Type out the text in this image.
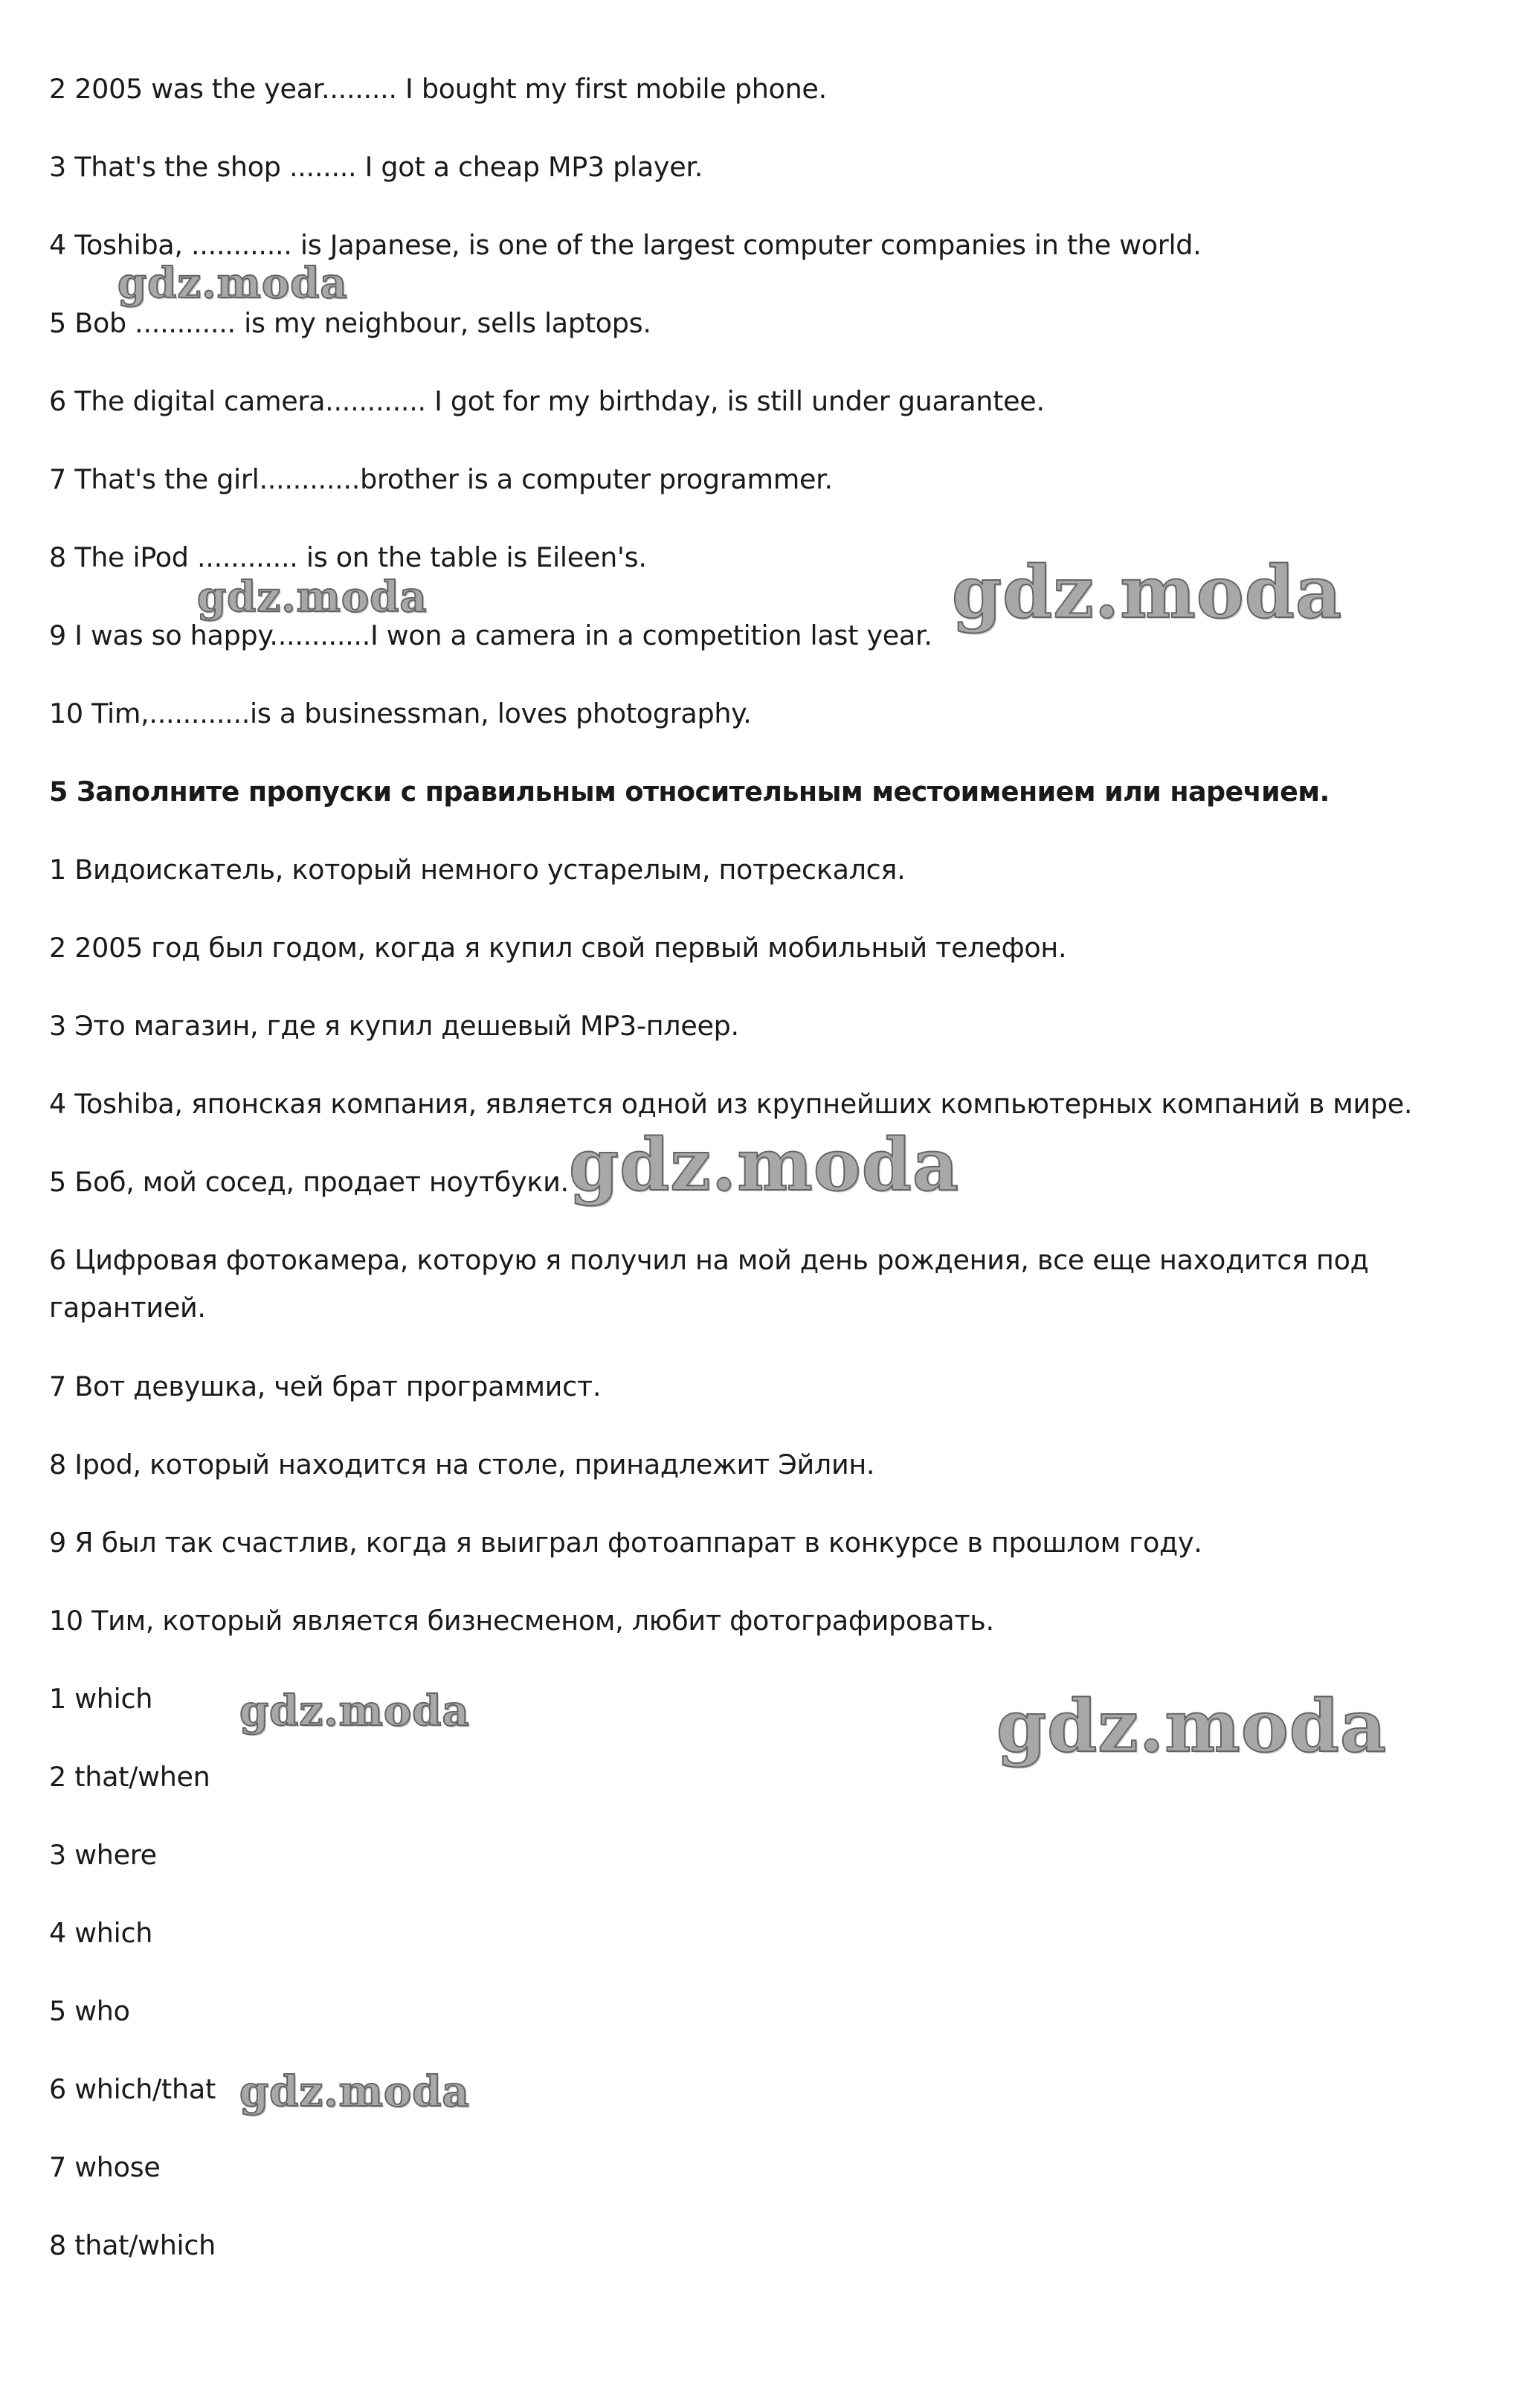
2 2005 was the year......... I bought my first mobile phone.
3 That's the shop ........ I got a cheap MP3 player.
4 Toshiba, ............ is Japanese, is one of the largest computer companies in the world.
5 Bob ............ is my neighbour, sells laptops.
6 The digital camera............ I got for my birthday, is still under guarantee.
7 That's the girl............brother is a computer programmer.
8 The iPod ............ is on the table is Eileen's.
9 I was so happy............I won a camera in a competition last year.
10 Tim,............is a businessman, loves photography.
5 Заполните пропуски с правильным относительным местоимением или наречием.
1 Видоискатель, который немного устарелым, потрескался.
2 2005 год был годом, когда я купил свой первый мобильный телефон.
3 Это магазин, где я купил дешевый MP3-плеер.
4 Toshiba, японская компания, является одной из крупнейших компьютерных компаний в мире.
5 Боб, мой сосед, продает ноутбуки.
6 Цифровая фотокамера, которую я получил на мой день рождения, все еще находится под гарантией.
7 Вот девушка, чей брат программист.
8 Ipod, который находится на столе, принадлежит Эйлин.
9 Я был так счастлив, когда я выиграл фотоаппарат в конкурсе в прошлом году.
10 Тим, который является бизнесменом, любит фотографировать.
1 which
2 that/when
3 where
4 which
5 who
6 which/that
7 whose
8 that/which
gdz.moda
gdz.moda	gdz.moda
gdz.moda
gdz.moda	gdz.moda
gdz.moda
